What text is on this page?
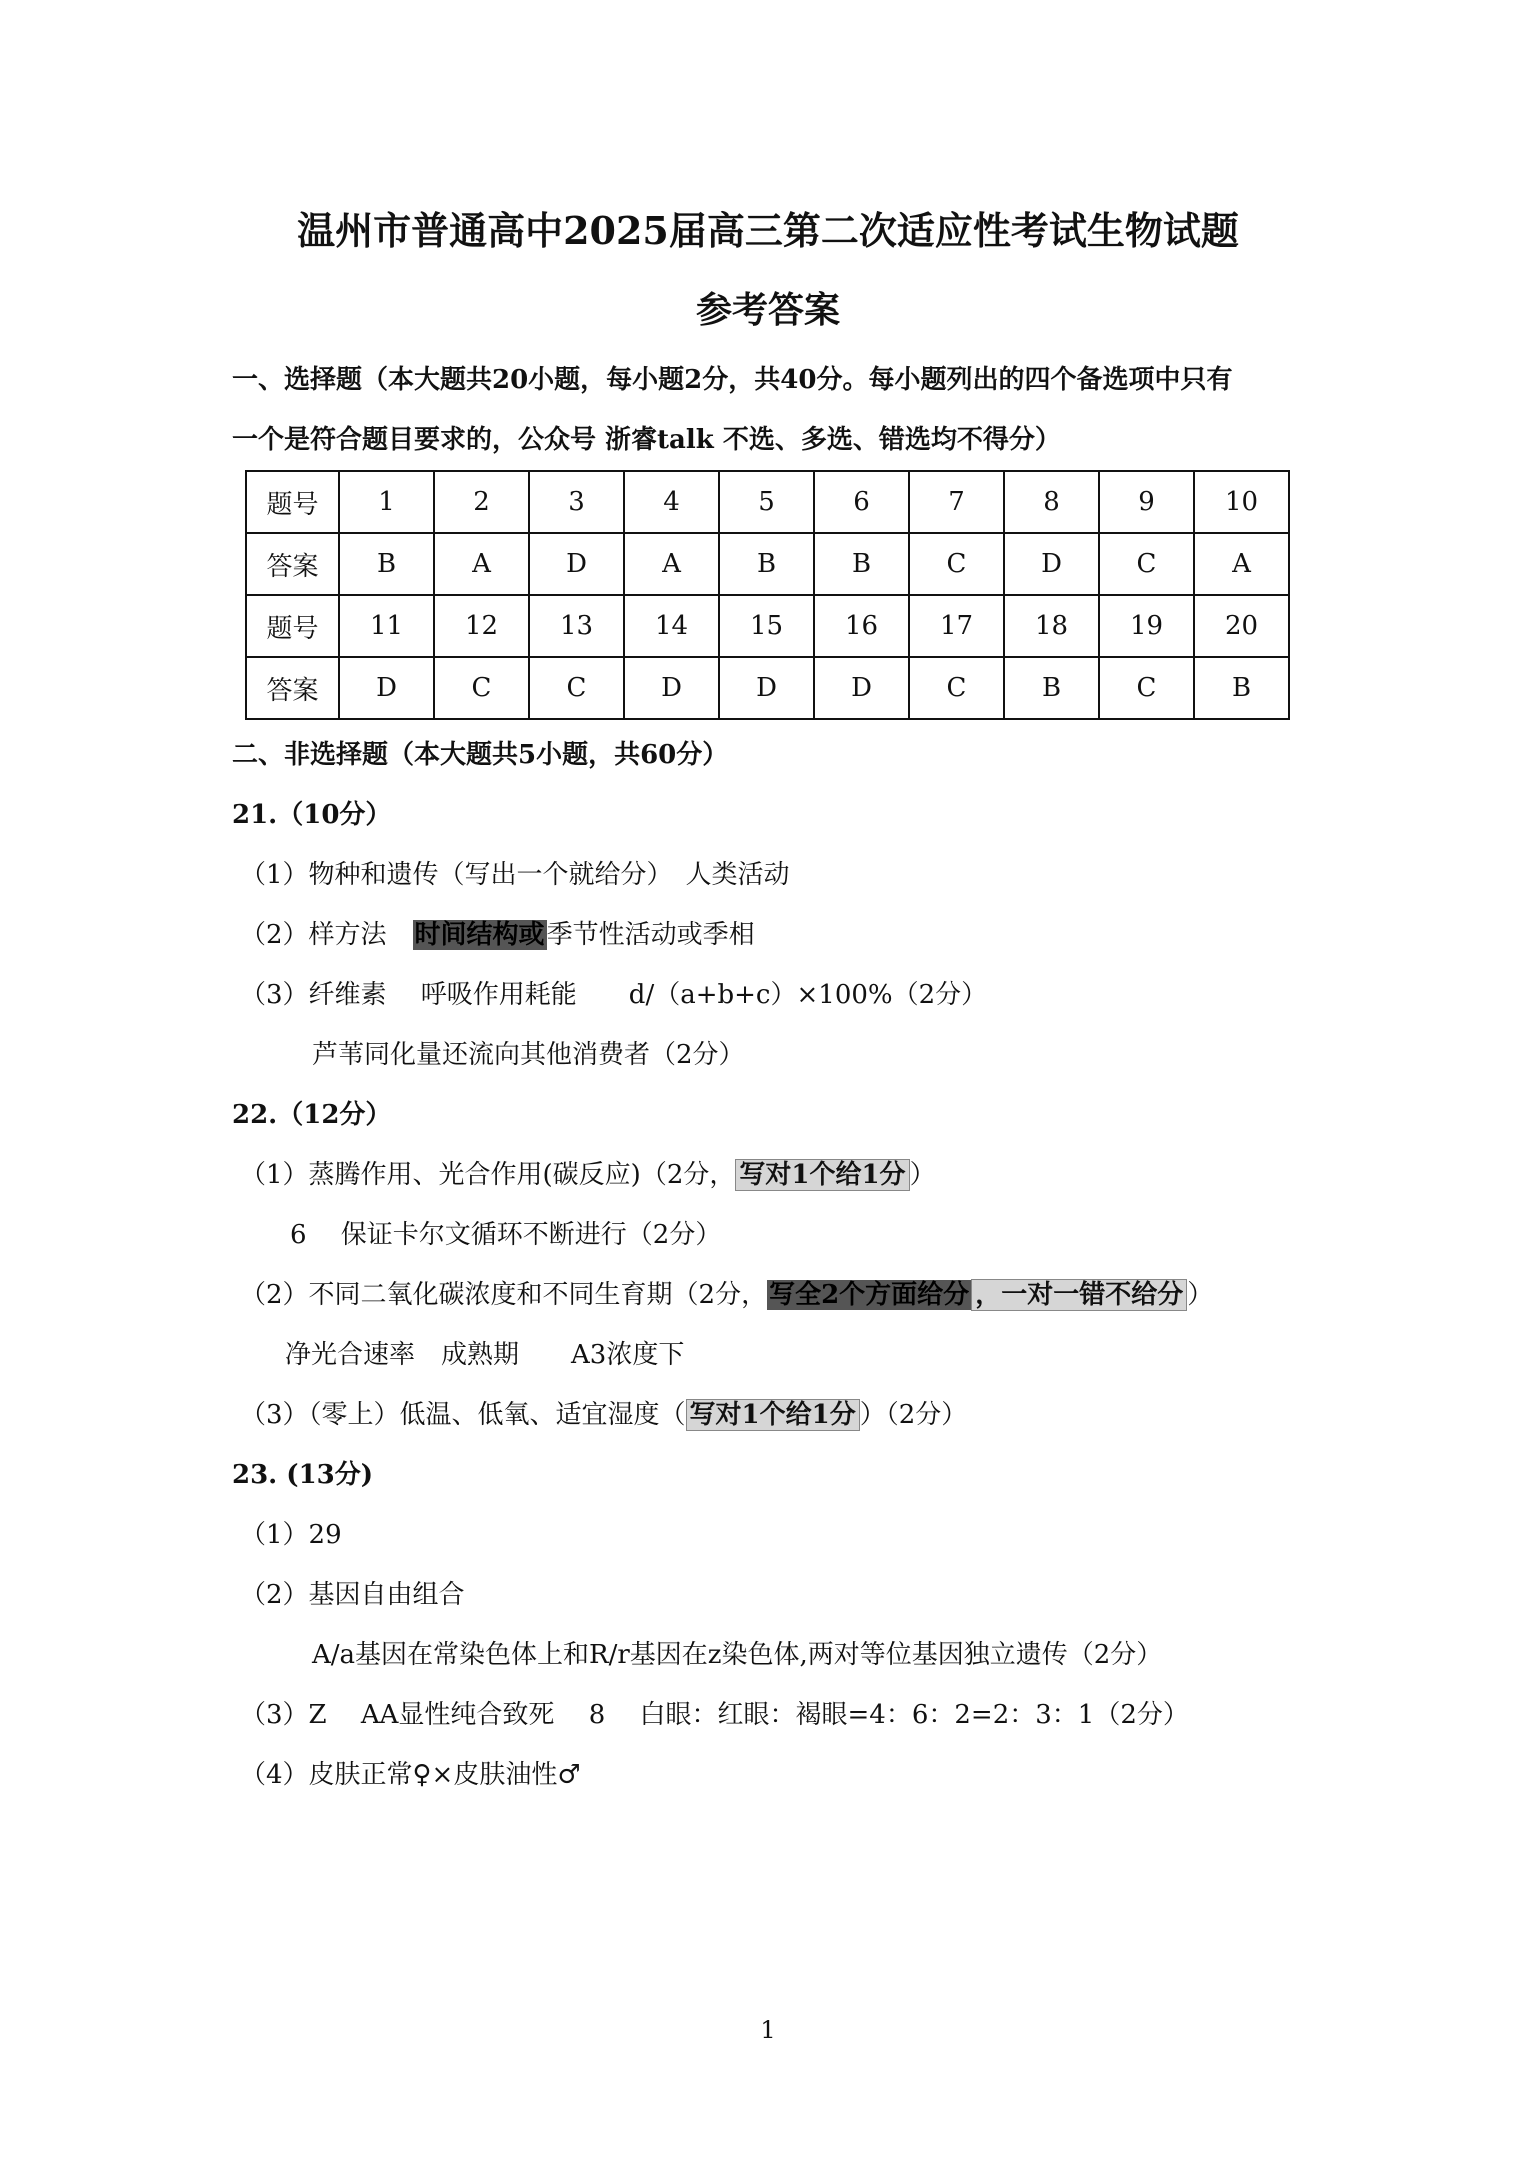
温州市普通高中2025届高三第二次适应性考试生物试题
参考答案
一、选择题（本大题共20小题，每小题2分，共40分。每小题列出的四个备选项中只有
一个是符合题目要求的，公众号 浙睿talk 不选、多选、错选均不得分）
题号	1	2	3	4	5	6	7	8	9	10
答案	B	A	D	A	B	B	C	D	C	A
题号	11	12	13	14	15	16	17	18	19	20
答案	D	C	C	D	D	D	C	B	C	B
二、非选择题（本大题共5小题，共60分）
21.（10分）
（1）物种和遗传（写出一个就给分）　人类活动
（2）样方法　时间结构或季节性活动或季相
（3）纤维素　 呼吸作用耗能　　d/（a+b+c）×100%（2分）
芦苇同化量还流向其他消费者（2分）
22.（12分）
（1）蒸腾作用、光合作用(碳反应)（2分， 写对1个给1分 ）
6　 保证卡尔文循环不断进行（2分）
（2）不同二氧化碳浓度和不同生育期（2分，写全2个方面给分 ，一对一错不给分 ）
净光合速率　成熟期　　A3浓度下
（3）（零上）低温、低氧、适宜湿度（ 写对1个给1分 ）（2分）
23. (13分)
（1）29
（2）基因自由组合
A/a基因在常染色体上和R/r基因在z染色体,两对等位基因独立遗传（2分）
（3）Z　 AA显性纯合致死　 8　 白眼：红眼：褐眼=4：6：2=2：3：1（2分）
（4）皮肤正常♀×皮肤油性♂
1
